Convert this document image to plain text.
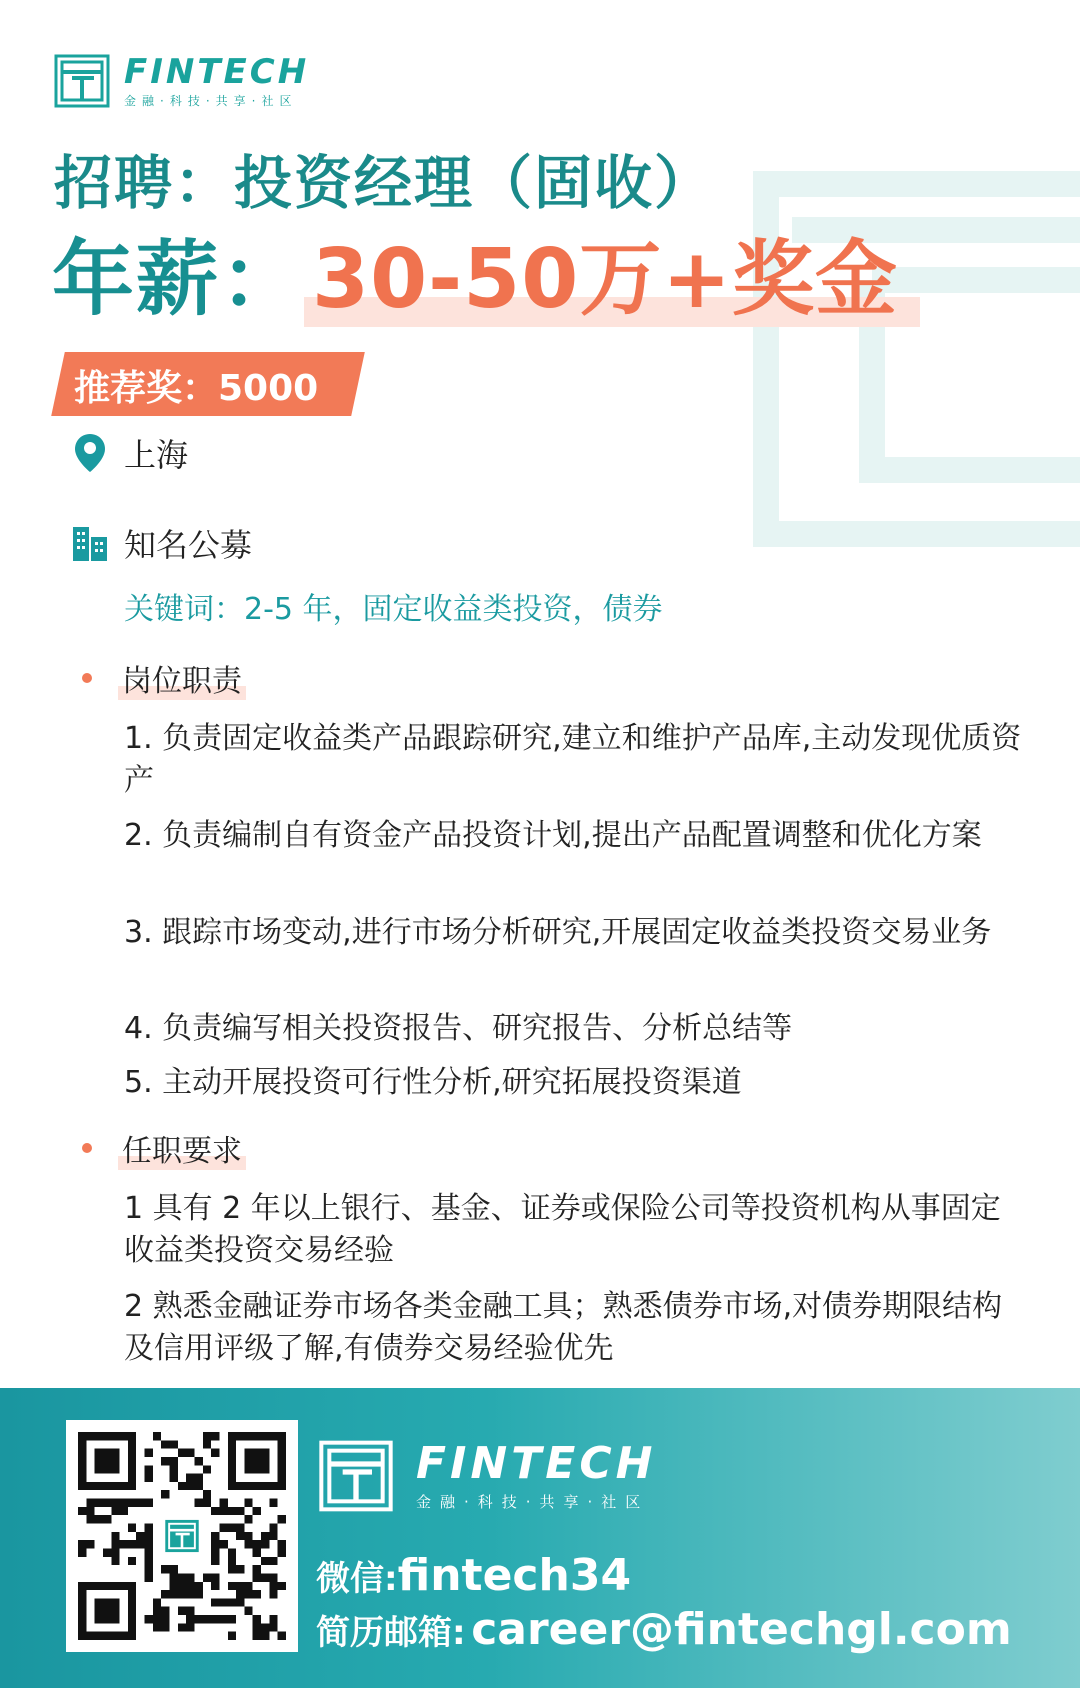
FINTECH
金融·科技·共享·社区
招聘：投资经理（固收）
年薪： 30-50万+奖金
推荐奖：5000
上海
知名公募
关键词：2-5 年，固定收益类投资，债券
岗位职责
1. 负责固定收益类产品跟踪研究,建立和维护产品库,主动发现优质资产
2. 负责编制自有资金产品投资计划,提出产品配置调整和优化方案
3. 跟踪市场变动,进行市场分析研究,开展固定收益类投资交易业务
4. 负责编写相关投资报告、研究报告、分析总结等
5. 主动开展投资可行性分析,研究拓展投资渠道
任职要求
1 具有 2 年以上银行、基金、证券或保险公司等投资机构从事固定收益类投资交易经验
2 熟悉金融证券市场各类金融工具；熟悉债券市场,对债券期限结构及信用评级了解,有债券交易经验优先
FINTECH
金融·科技·共享·社区
微信:fintech34
简历邮箱: career@fintechgl.com
